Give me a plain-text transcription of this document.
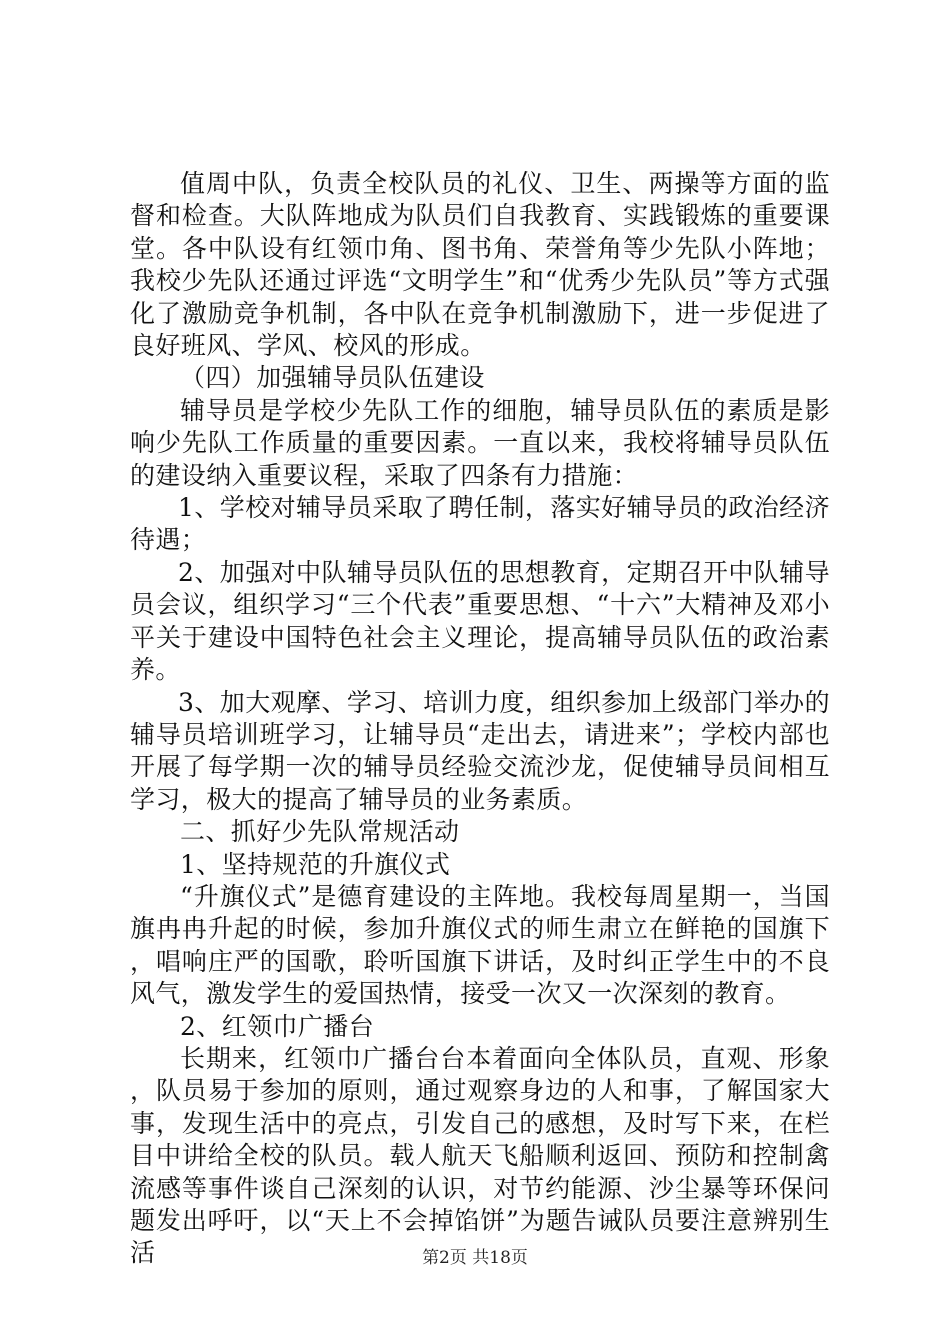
值周中队，负责全校队员的礼仪、卫生、两操等方面的监督和检查。大队阵地成为队员们自我教育、实践锻炼的重要课堂。各中队设有红领巾角、图书角、荣誉角等少先队小阵地；我校少先队还通过评选“文明学生”和“优秀少先队员”等方式强化了激励竞争机制，各中队在竞争机制激励下，进一步促进了良好班风、学风、校风的形成。

（四）加强辅导员队伍建设

辅导员是学校少先队工作的细胞，辅导员队伍的素质是影响少先队工作质量的重要因素。一直以来，我校将辅导员队伍的建设纳入重要议程，采取了四条有力措施：

1、学校对辅导员采取了聘任制，落实好辅导员的政治经济待遇；

2、加强对中队辅导员队伍的思想教育，定期召开中队辅导员会议，组织学习“三个代表”重要思想、“十六”大精神及邓小平关于建设中国特色社会主义理论，提高辅导员队伍的政治素养。

3、加大观摩、学习、培训力度，组织参加上级部门举办的辅导员培训班学习，让辅导员“走出去，请进来”；学校内部也开展了每学期一次的辅导员经验交流沙龙，促使辅导员间相互学习，极大的提高了辅导员的业务素质。

二、抓好少先队常规活动

1、坚持规范的升旗仪式

“升旗仪式”是德育建设的主阵地。我校每周星期一，当国旗冉冉升起的时候，参加升旗仪式的师生肃立在鲜艳的国旗下，唱响庄严的国歌，聆听国旗下讲话，及时纠正学生中的不良风气，激发学生的爱国热情，接受一次又一次深刻的教育。

2、红领巾广播台

长期来，红领巾广播台台本着面向全体队员，直观、形象，队员易于参加的原则，通过观察身边的人和事，了解国家大事，发现生活中的亮点，引发自己的感想，及时写下来，在栏目中讲给全校的队员。载人航天飞船顺利返回、预防和控制禽流感等事件谈自己深刻的认识，对节约能源、沙尘暴等环保问题发出呼吁，以“天上不会掉馅饼”为题告诫队员要注意辨别生活	第2页 共18页
